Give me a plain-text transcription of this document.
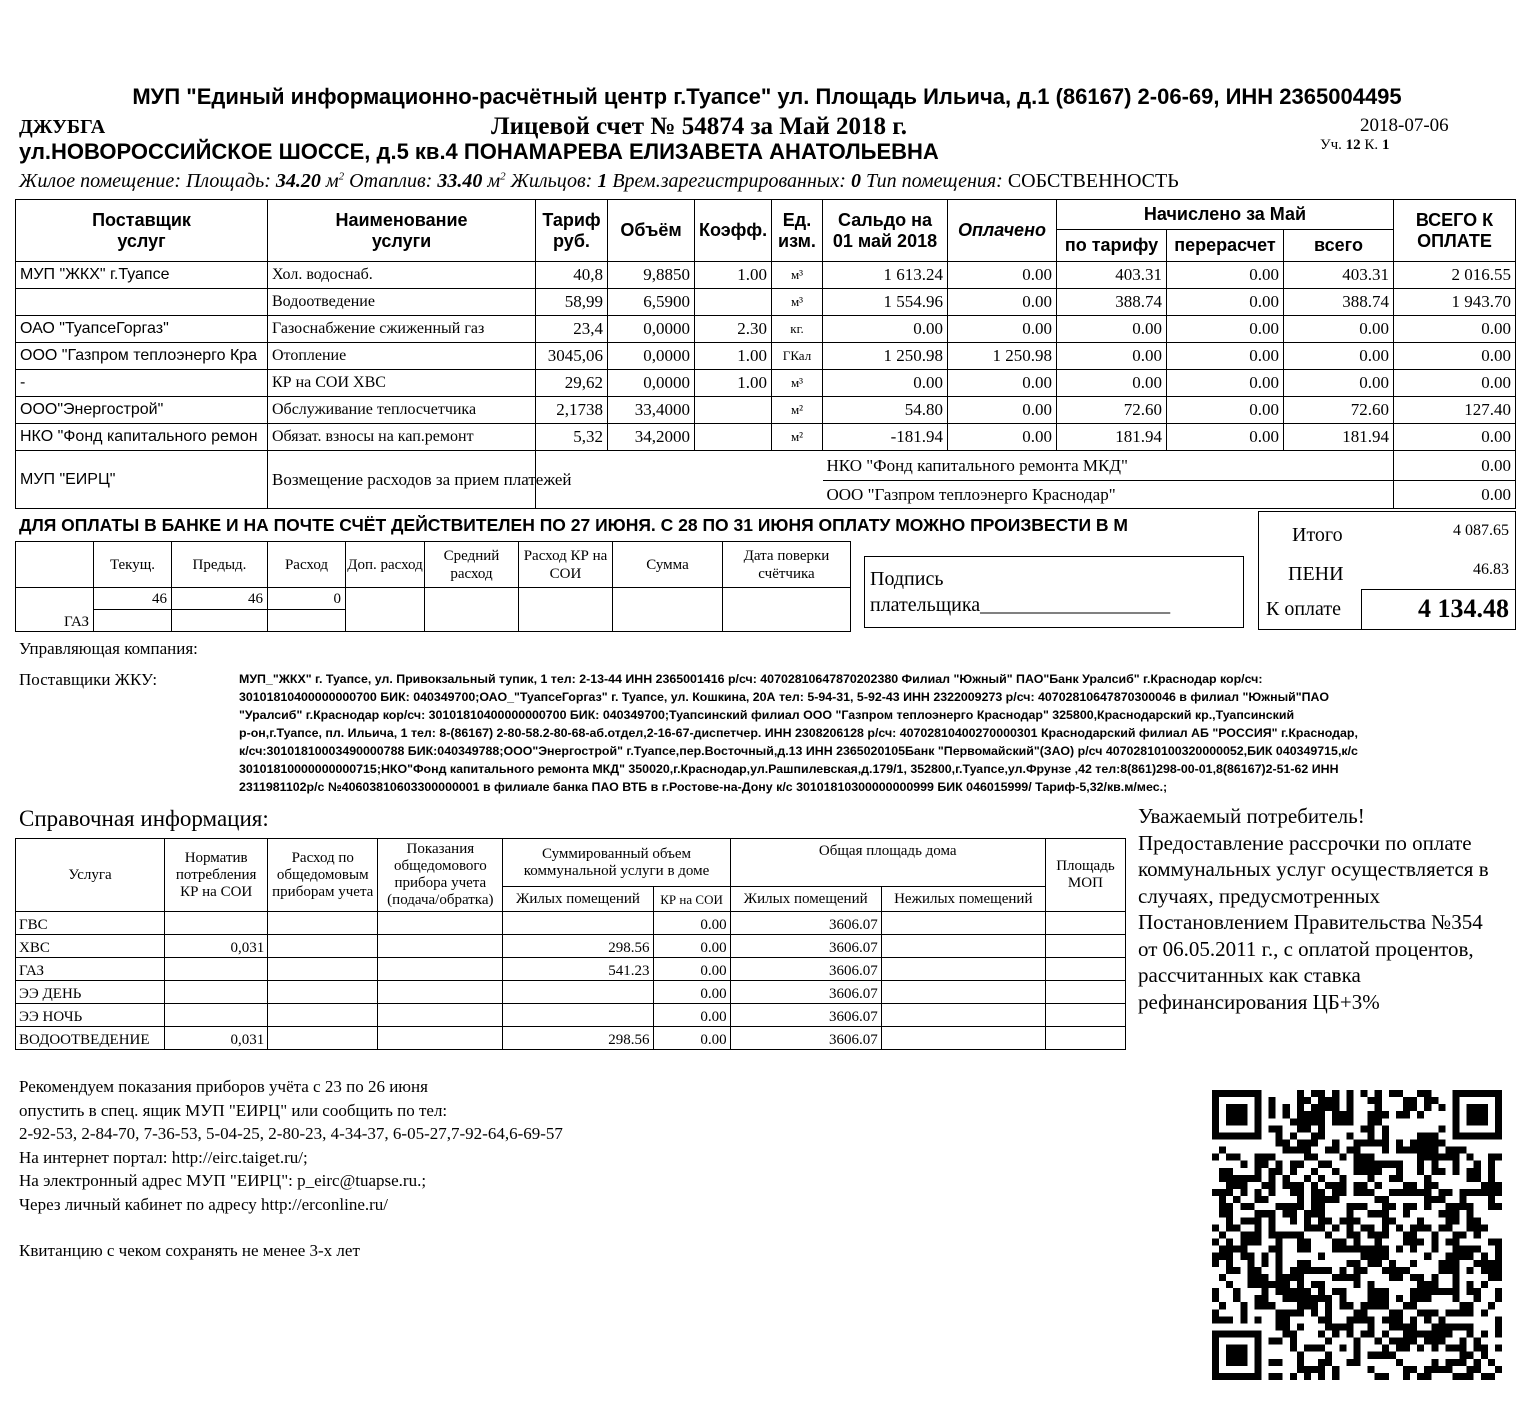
МУП "Единый информационно-расчётный центр г.Туапсе" ул. Площадь Ильича, д.1 (86167) 2-06-69, ИНН 2365004495
ДЖУБГА	Лицевой счет № 54874 за Май 2018 г.	2018-07-06
Уч. 12 К. 1
ул.НОВОРОССИЙСКОЕ ШОССЕ, д.5 кв.4 ПОНАМАРЕВА ЕЛИЗАВЕТА АНАТОЛЬЕВНА
Жилое помещение: Площадь: 34.20 $м^2$ Отаплив: 33.40 $м^2$ Жильцов: 1 Врем.зарегистрированных: 0 Тип помещения: СОБСТВЕННОСТЬ
Поставщик услуг	Наименование услуги	Тариф руб.	Объём	Коэфф.	Ед. изм.	Сальдо на 01 май 2018	Оплачено	Начислено за Май			ВСЕГО К ОПЛАТЕ
								по тарифу	перерасчет	всего	
МУП "ЖКХ" г.Туапсе	Хол. водоснаб.	40,8	9,8850	1.00	м³	1 613.24	0.00	403.31	0.00	403.31	2 016.55
	Водоотведение	58,99	6,5900		м³	1 554.96	0.00	388.74	0.00	388.74	1 943.70
ОАО "ТуапсеГоргаз"	Газоснабжение сжиженный газ	23,4	0,0000	2.30	кг.	0.00	0.00	0.00	0.00	0.00	0.00
ООО "Газпром теплоэнерго Кра	Отопление	3045,06	0,0000	1.00	ГКал	1 250.98	1 250.98	0.00	0.00	0.00	0.00
-	КР на СОИ ХВС	29,62	0,0000	1.00	м³	0.00	0.00	0.00	0.00	0.00	0.00
ООО"Энергострой"	Обслуживание теплосчетчика	2,1738	33,4000		м²	54.80	0.00	72.60	0.00	72.60	127.40
НКО "Фонд капитального ремон	Обязат. взносы на кап.ремонт	5,32	34,2000		м²	-181.94	0.00	181.94	0.00	181.94	0.00
МУП "ЕИРЦ"	Возмещение расходов за прием платежей					НКО "Фонд капитального ремонта МКД"					0.00
						ООО "Газпром теплоэнерго Краснодар"					0.00
ДЛЯ ОПЛАТЫ В БАНКЕ И НА ПОЧТЕ СЧЁТ ДЕЙСТВИТЕЛЕН ПО 27 ИЮНЯ. С 28 ПО 31 ИЮНЯ ОПЛАТУ МОЖНО ПРОИЗВЕСТИ В М
	Текущ.	Предыд.	Расход	Доп. расход	Средний расход	Расход КР на СОИ	Сумма	Дата поверки счётчика
ГАЗ	46	46	0					

Подпись
плательщика___________________
Итого	4 087.65
ПЕНИ	46.83
К оплате	4 134.48
Управляющая компания:
Поставщики ЖКУ:	МУП_"ЖКХ" г. Туапсе, ул. Привокзальный тупик, 1 тел: 2-13-44 ИНН 2365001416 р/сч: 40702810647870202380 Филиал "Южный" ПАО"Банк Уралсиб" г.Краснодар кор/сч:
30101810400000000700 БИК: 040349700;ОАО_"ТуапсеГоргаз" г. Туапсе, ул. Кошкина, 20А тел: 5-94-31, 5-92-43 ИНН 2322009273 р/сч: 40702810647870300046 в филиал "Южный"ПАО
"Уралсиб" г.Краснодар кор/сч: 30101810400000000700 БИК: 040349700;Туапсинский филиал ООО "Газпром теплоэнерго Краснодар" 325800,Краснодарский кр.,Туапсинский
р-он,г.Туапсе, пл. Ильича, 1 тел: 8-(86167) 2-80-58.2-80-68-аб.отдел,2-16-67-диспетчер. ИНН 2308206128 р/сч: 40702810400270000301 Краснодарский филиал АБ "РОССИЯ" г.Краснодар,
к/сч:30101810003490000788 БИК:040349788;ООО"Энергострой" г.Туапсе,пер.Восточный,д.13 ИНН 2365020105Банк "Первомайский"(ЗАО) р/сч 40702810100320000052,БИК 040349715,к/с
30101810000000000715;НКО"Фонд капитального ремонта МКД" 350020,г.Краснодар,ул.Рашпилевская,д.179/1, 352800,г.Туапсе,ул.Фрунзе ,42 тел:8(861)298-00-01,8(86167)2-51-62 ИНН
2311981102р/с №40603810603300000001 в филиале банка ПАО ВТБ в г.Ростове-на-Дону к/с 30101810300000000999 БИК 046015999/ Тариф-5,32/кв.м/мес.;
Справочная информация:
Услуга	Норматив потребления КР на СОИ	Расход по общедомовым приборам учета	Показания общедомового прибора учета (подача/обратка)	Суммированный объем коммунальной услуги в доме		Общая площадь дома		Площадь МОП
				Жилых помещений	КР на СОИ	Жилых помещений	Нежилых помещений	
ГВС					0.00	3606.07		
ХВС	0,031			298.56	0.00	3606.07		
ГАЗ				541.23	0.00	3606.07		
ЭЭ ДЕНЬ					0.00	3606.07		
ЭЭ НОЧЬ					0.00	3606.07		
ВОДООТВЕДЕНИЕ	0,031			298.56	0.00	3606.07		
Уважаемый потребитель!
Предоставление рассрочки по оплате
коммунальных услуг осуществляется в
случаях, предусмотренных
Постановлением Правительства №354
от 06.05.2011 г., с оплатой процентов,
рассчитанных как ставка
рефинансирования ЦБ+3%
Рекомендуем показания приборов учёта с 23 по 26 июня
опустить в спец. ящик МУП "ЕИРЦ" или сообщить по тел:
2-92-53, 2-84-70, 7-36-53, 5-04-25, 2-80-23, 4-34-37, 6-05-27,7-92-64,6-69-57
На интернет портал: http://eirc.taiget.ru/;
На электронный адрес МУП "ЕИРЦ": p_eirc@tuapse.ru.;
Через личный кабинет по адресу http://erconline.ru/
Квитанцию с чеком сохранять не менее 3-х лет
